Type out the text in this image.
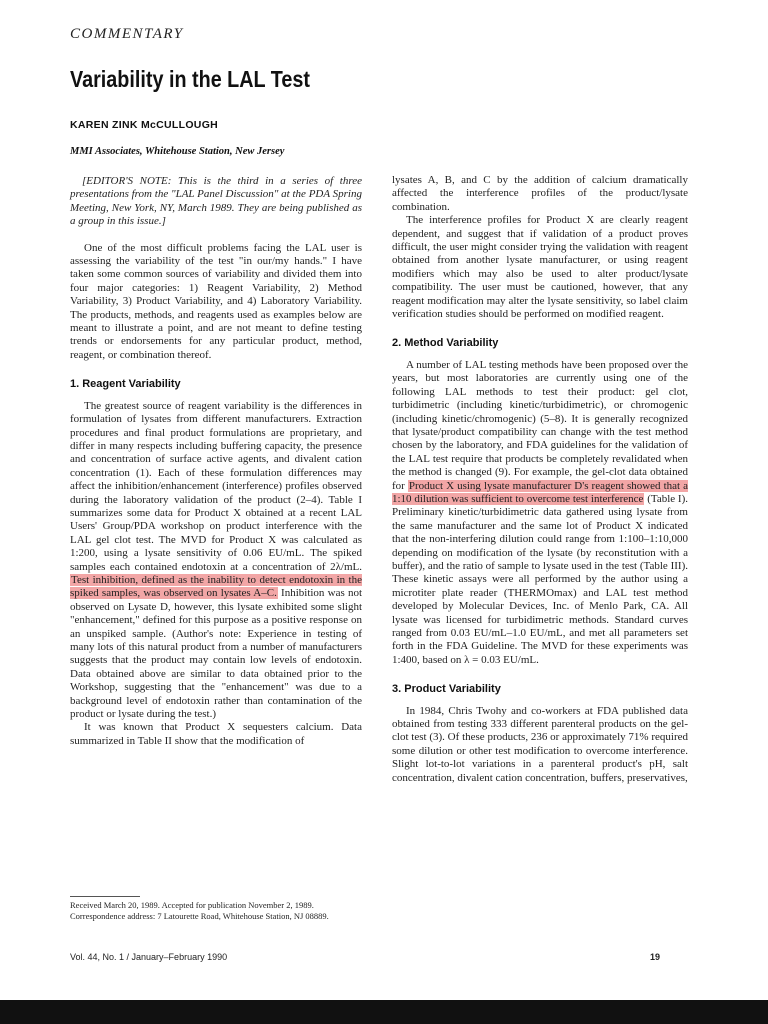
COMMENTARY
Variability in the LAL Test
KAREN ZINK McCULLOUGH
MMI Associates, Whitehouse Station, New Jersey

[EDITOR'S NOTE: This is the third in a series of three presentations from the "LAL Panel Discussion" at the PDA Spring Meeting, New York, NY, March 1989. They are being published as a group in this issue.]

One of the most difficult problems facing the LAL user is assessing the variability of the test "in our/my hands." I have taken some common sources of variability and divided them into four major categories: 1) Reagent Variability, 2) Method Variability, 3) Product Variability, and 4) Laboratory Variability. The products, methods, and reagents used as examples below are meant to illustrate a point, and are not meant to define testing trends or endorsements for any particular product, method, reagent, or combination thereof.

1. Reagent Variability

The greatest source of reagent variability is the differences in formulation of lysates from different manufacturers. Extraction procedures and final product formulations are proprietary, and differ in many respects including buffering capacity, the presence and concentration of surface active agents, and divalent cation concentration (1). Each of these formulation differences may affect the inhibition/enhancement (interference) profiles observed during the laboratory validation of the product (2–4). Table I summarizes some data for Product X obtained at a recent LAL Users' Group/PDA workshop on product interference with the LAL gel clot test. The MVD for Product X was calculated as 1:200, using a lysate sensitivity of 0.06 EU/mL. The spiked samples each contained endotoxin at a concentration of 2λ/mL. Test inhibition, defined as the inability to detect endotoxin in the spiked samples, was observed on lysates A–C. Inhibition was not observed on Lysate D, however, this lysate exhibited some slight "enhancement," defined for this purpose as a positive response on an unspiked sample. (Author's note: Experience in testing of many lots of this natural product from a number of manufacturers suggests that the product may contain low levels of endotoxin. Data obtained above are similar to data obtained prior to the Workshop, suggesting that the "enhancement" was due to a background level of endotoxin rather than contamination of the product or lysate during the test.)

It was known that Product X sequesters calcium. Data summarized in Table II show that the modification of

Received March 20, 1989. Accepted for publication November 2, 1989. Correspondence address: 7 Latourette Road, Whitehouse Station, NJ 08889.

lysates A, B, and C by the addition of calcium dramatically affected the interference profiles of the product/lysate combination.

The interference profiles for Product X are clearly reagent dependent, and suggest that if validation of a product proves difficult, the user might consider trying the validation with reagent obtained from another lysate manufacturer, or using reagent modifiers which may also be used to alter product/lysate compatibility. The user must be cautioned, however, that any reagent modification may alter the lysate sensitivity, so label claim verification studies should be performed on modified reagent.

2. Method Variability

A number of LAL testing methods have been proposed over the years, but most laboratories are currently using one of the following LAL methods to test their product: gel clot, turbidimetric (including kinetic/turbidimetric), or chromogenic (including kinetic/chromogenic) (5–8). It is generally recognized that lysate/product compatibility can change with the test method chosen by the laboratory, and FDA guidelines for the validation of the LAL test require that products be completely revalidated when the method is changed (9). For example, the gel-clot data obtained for Product X using lysate manufacturer D's reagent showed that a 1:10 dilution was sufficient to overcome test interference (Table I). Preliminary kinetic/turbidimetric data gathered using lysate from the same manufacturer and the same lot of Product X indicated that the non-interfering dilution could range from 1:100–1:10,000 depending on modification of the lysate (by reconstitution with a buffer), and the ratio of sample to lysate used in the test (Table III). These kinetic assays were all performed by the author using a microtiter plate reader (THERMOmax) and LAL test method developed by Molecular Devices, Inc. of Menlo Park, CA. All lysate was licensed for turbidimetric methods. Standard curves ranged from 0.03 EU/mL–1.0 EU/mL, and met all parameters set forth in the FDA Guideline. The MVD for these experiments was 1:400, based on λ = 0.03 EU/mL.

3. Product Variability

In 1984, Chris Twohy and co-workers at FDA published data obtained from testing 333 different parenteral products on the gel-clot test (3). Of these products, 236 or approximately 71% required some dilution or other test modification to overcome interference. Slight lot-to-lot variations in a parenteral product's pH, salt concentration, divalent cation concentration, buffers, preservatives,

Vol. 44, No. 1 / January–February 1990	19
